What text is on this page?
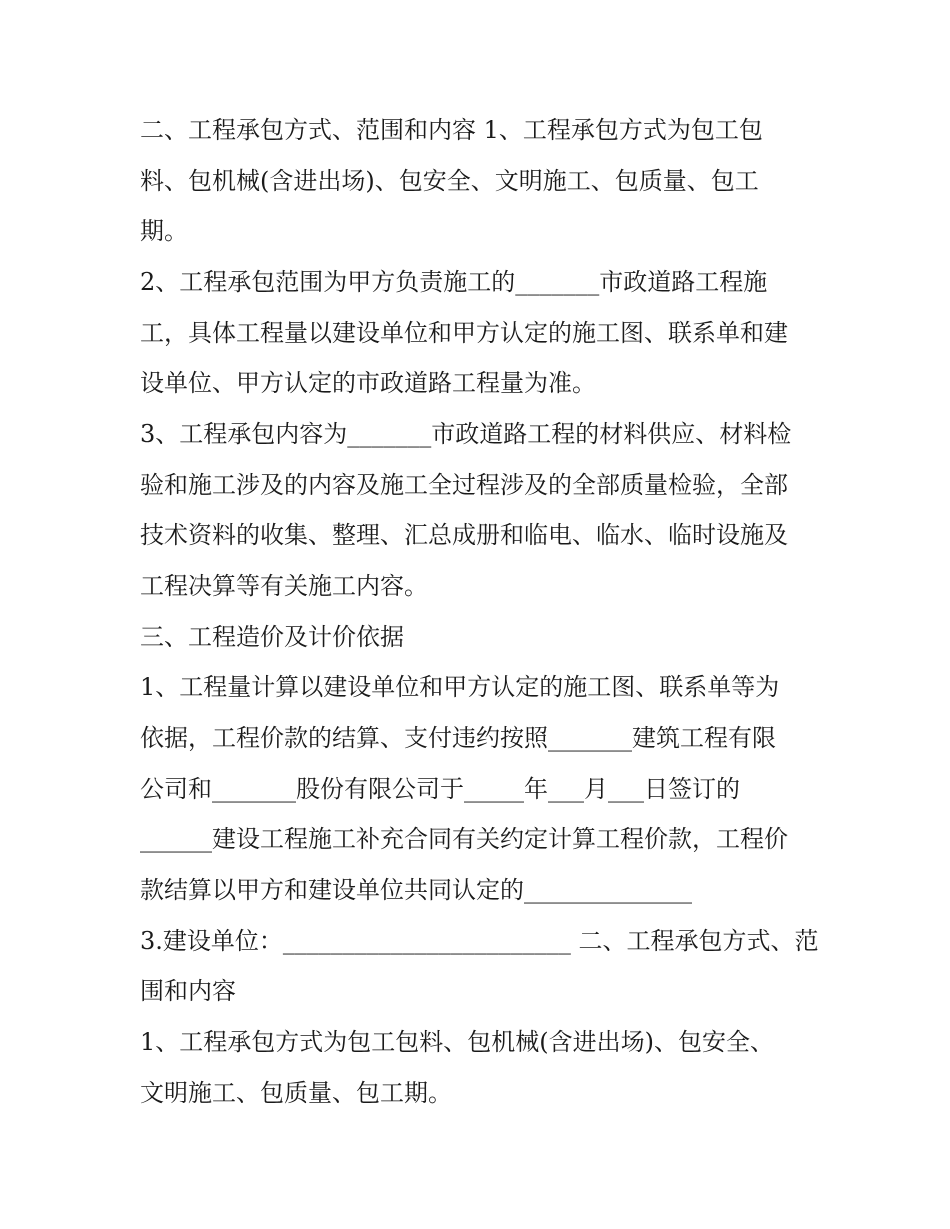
二、工程承包方式、范围和内容 1、工程承包方式为包工包

料、包机械(含进出场)、包安全、文明施工、包质量、包工

期。

2、工程承包范围为甲方负责施工的_______市政道路工程施

工，具体工程量以建设单位和甲方认定的施工图、联系单和建

设单位、甲方认定的市政道路工程量为准。

3、工程承包内容为_______市政道路工程的材料供应、材料检

验和施工涉及的内容及施工全过程涉及的全部质量检验，全部

技术资料的收集、整理、汇总成册和临电、临水、临时设施及

工程决算等有关施工内容。

三、工程造价及计价依据

1、工程量计算以建设单位和甲方认定的施工图、联系单等为

依据，工程价款的结算、支付违约按照_______建筑工程有限

公司和_______股份有限公司于_____年___月___日签订的

______建设工程施工补充合同有关约定计算工程价款，工程价

款结算以甲方和建设单位共同认定的______________

3.建设单位：________________________ 二、工程承包方式、范

围和内容

1、工程承包方式为包工包料、包机械(含进出场)、包安全、

文明施工、包质量、包工期。
